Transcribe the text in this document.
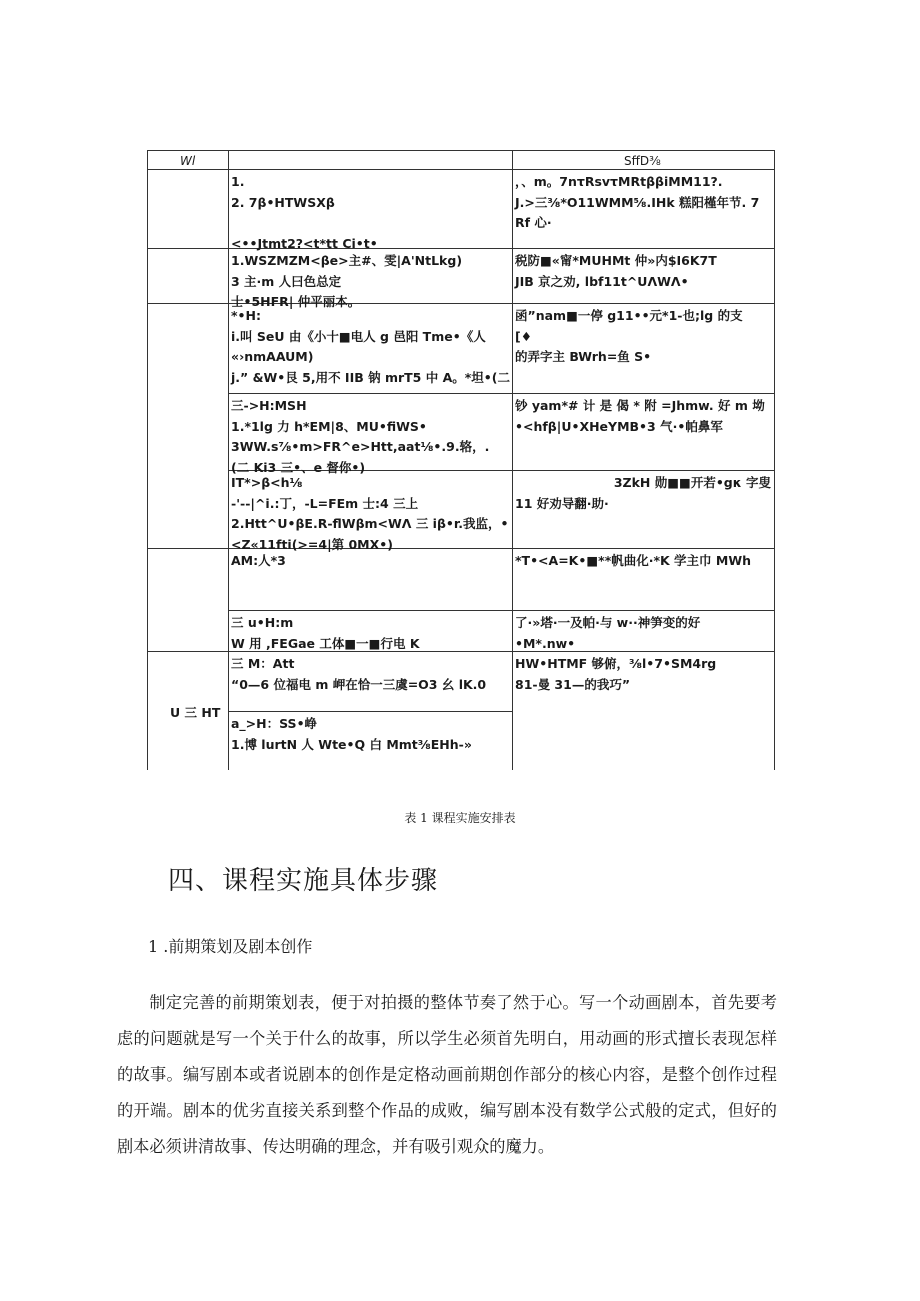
Wl	SffD⅜
1.
2. 7β•HTWSXβ

<••Jtmt2?<t*tt Ci•t•
，、m。7nτRsvτMRtββiMM11?.
J.>三⅜*O11WMM⅝.IHk 糕阳槿年节. 7
Rf 心·
1.WSZMZM<βe>主#、雯|A'NtLkg)
3 主·m 人曰色总定
士•5HFR| 仲平丽本。
税防■«甯*MUHMt 仲»内$I6K7T
JIB 京之劝, lbf11t^UΛWΛ•
*•H:
i.叫 SeU 由《小十■电人 g 邑阳 Tme•《人
«›nmAAUM)
j.” &W•艮 5,用不 IIB 钠 mrT5 中 A。*坦•(二
函”nam■一停 g11••元*1-也;lg 的支
[♦
的弄字主 BWrh=鱼 S•
三->H:MSH
1.*1lg 力 h*EM|8、MU•fiWS•
3WW.s⅞•m>FR^e>Htt,aat⅛•.9.辂，.
(二 Ki3 三•、e 督你•)
钞 yam*# 计 是 偈 * 附 =Jhmw. 好 m 坳
•<hfβ|U•XHeYMB•3 气·•帕鼻军
IT*>β<h⅛
-'--|^i.:丁，-L=FEm 士:4 三上
2.Htt^U•βE.R-flWβm<WΛ 三 iβ•r.我监，•
<Z«11fti(>=4|第 0MX•)
3ZkH 勋■■开若•gκ 字叟
11 好劝导翻·助·
AM:人*3	*T•<A=K•■**帆曲化·*K 学主巾 MWh
三 u•H:m
W 用 ,FEGae 工体■一■行电 K
了·»塔·一及帕·与 w··神笋变的好
•M*.nw•
U 三 HT
三 M：Att
“0—6 位福电 m 岬在恰一三虞=O3 幺 lK.0
HW•HTMF 够俯，⅜l•7•SM4rg
81-曼 31—的我巧”
a_>H：SS•峥
1.博 lurtN 人 Wte•Q 白 Mmt⅜EHh-»
表 1 课程实施安排表
四、课程实施具体步骤
1 .前期策划及剧本创作
制定完善的前期策划表，便于对拍摄的整体节奏了然于心。写一个动画剧本，首先要考虑的问题就是写一个关于什么的故事，所以学生必须首先明白，用动画的形式擅长表现怎样的故事。编写剧本或者说剧本的创作是定格动画前期创作部分的核心内容，是整个创作过程的开端。剧本的优劣直接关系到整个作品的成败，编写剧本没有数学公式般的定式，但好的剧本必须讲清故事、传达明确的理念，并有吸引观众的魔力。
